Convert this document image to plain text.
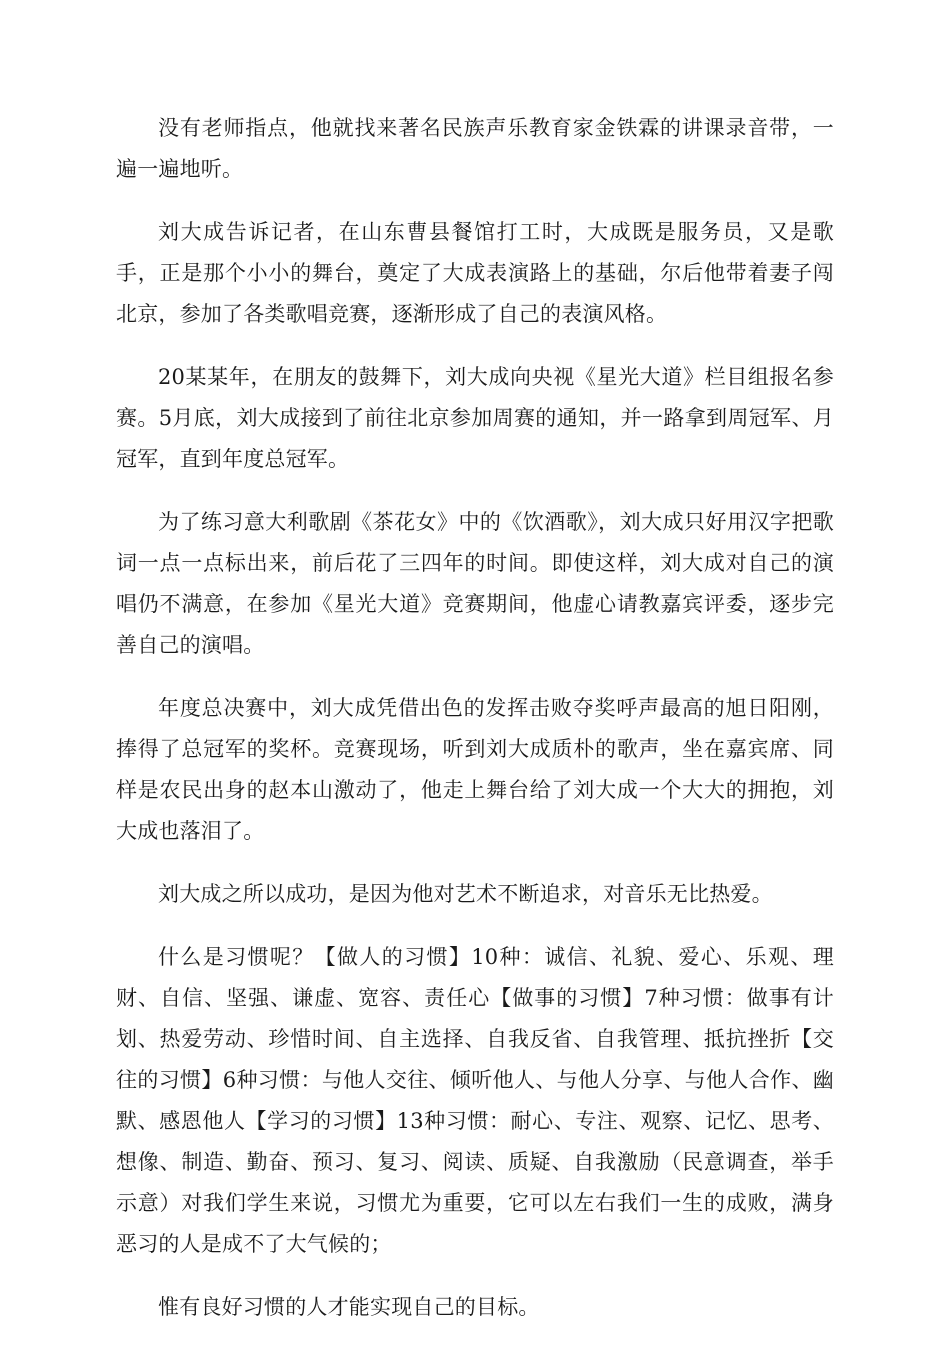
没有老师指点，他就找来著名民族声乐教育家金铁霖的讲课录音带，一遍一遍地听。

刘大成告诉记者，在山东曹县餐馆打工时，大成既是服务员，又是歌手，正是那个小小的舞台，奠定了大成表演路上的基础，尔后他带着妻子闯北京，参加了各类歌唱竞赛，逐渐形成了自己的表演风格。

20某某年，在朋友的鼓舞下，刘大成向央视《星光大道》栏目组报名参赛。5月底，刘大成接到了前往北京参加周赛的通知，并一路拿到周冠军、月冠军，直到年度总冠军。

为了练习意大利歌剧《茶花女》中的《饮酒歌》，刘大成只好用汉字把歌词一点一点标出来，前后花了三四年的时间。即使这样，刘大成对自己的演唱仍不满意，在参加《星光大道》竞赛期间，他虚心请教嘉宾评委，逐步完善自己的演唱。

年度总决赛中，刘大成凭借出色的发挥击败夺奖呼声最高的旭日阳刚，捧得了总冠军的奖杯。竞赛现场，听到刘大成质朴的歌声，坐在嘉宾席、同样是农民出身的赵本山激动了，他走上舞台给了刘大成一个大大的拥抱，刘大成也落泪了。

刘大成之所以成功，是因为他对艺术不断追求，对音乐无比热爱。

什么是习惯呢？【做人的习惯】10种：诚信、礼貌、爱心、乐观、理财、自信、坚强、谦虚、宽容、责任心【做事的习惯】7种习惯：做事有计划、热爱劳动、珍惜时间、自主选择、自我反省、自我管理、抵抗挫折【交往的习惯】6种习惯：与他人交往、倾听他人、与他人分享、与他人合作、幽默、感恩他人【学习的习惯】13种习惯：耐心、专注、观察、记忆、思考、想像、制造、勤奋、预习、复习、阅读、质疑、自我激励（民意调查，举手示意）对我们学生来说，习惯尤为重要，它可以左右我们一生的成败，满身恶习的人是成不了大气候的；

惟有良好习惯的人才能实现自己的目标。
